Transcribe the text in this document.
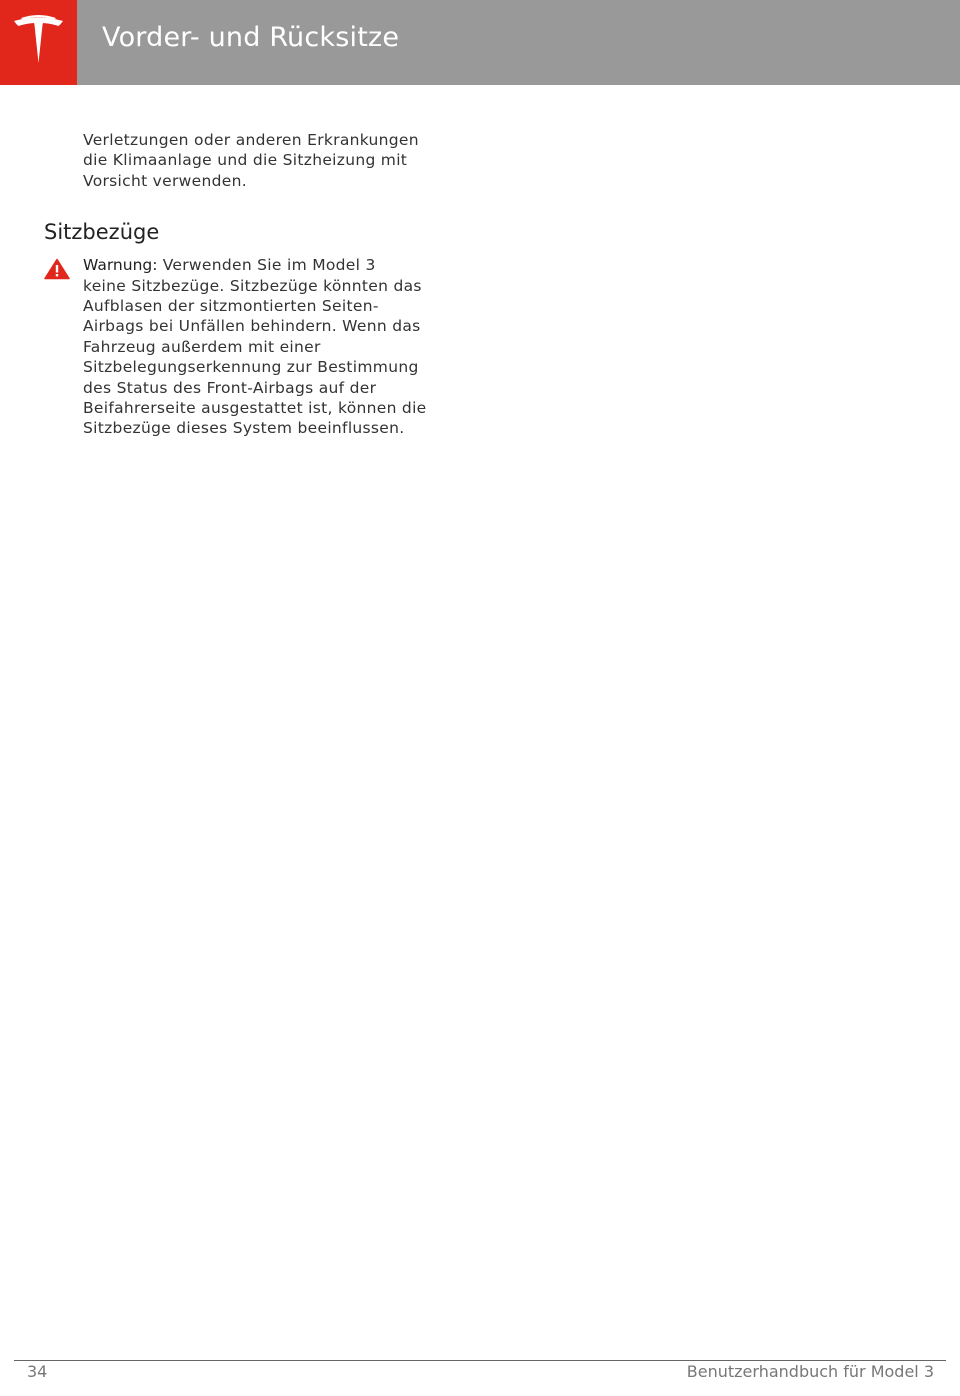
Vorder- und Rücksitze

Verletzungen oder anderen Erkrankungen
die Klimaanlage und die Sitzheizung mit
Vorsicht verwenden.

Sitzbezüge
Warnung: Verwenden Sie im Model 3
keine Sitzbezüge. Sitzbezüge könnten das
Aufblasen der sitzmontierten Seiten-
Airbags bei Unfällen behindern. Wenn das
Fahrzeug außerdem mit einer
Sitzbelegungserkennung zur Bestimmung
des Status des Front-Airbags auf der
Beifahrerseite ausgestattet ist, können die
Sitzbezüge dieses System beeinflussen.
34	Benutzerhandbuch für Model 3
